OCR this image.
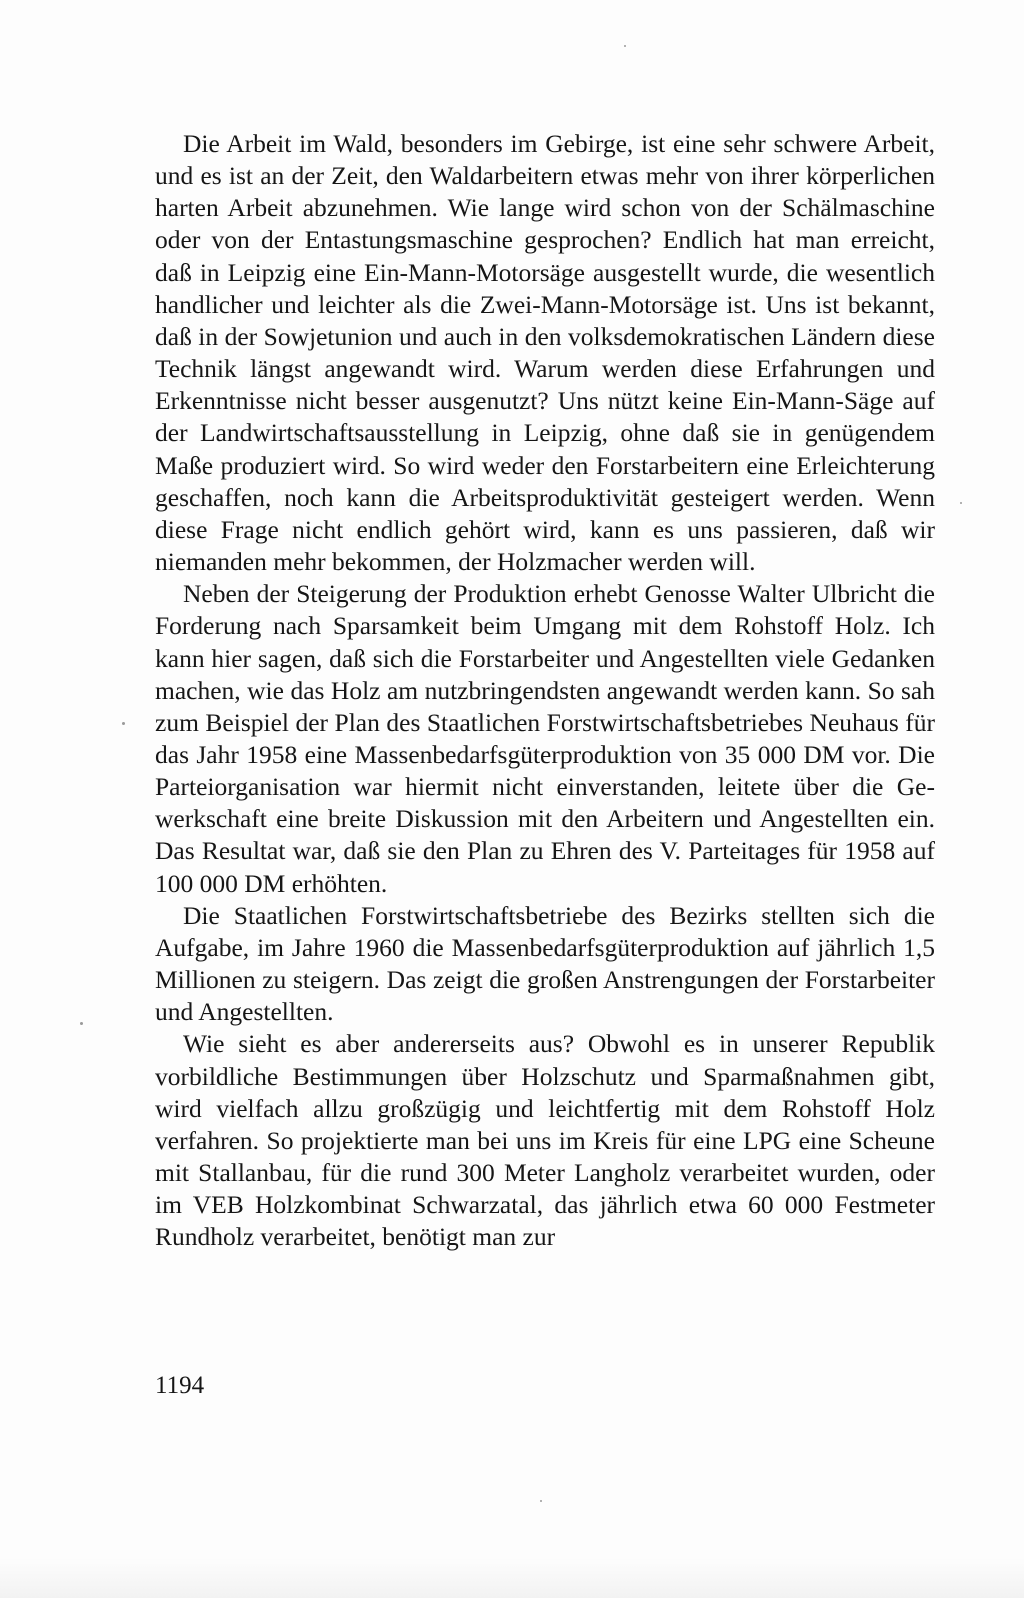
Die Arbeit im Wald, besonders im Gebirge, ist eine sehr schwere Arbeit, und es ist an der Zeit, den Waldarbeitern etwas mehr von ihrer körperlichen harten Arbeit abzunehmen. Wie lange wird schon von der Schälmaschine oder von der Entastungsmaschine gesprochen? Endlich hat man erreicht, daß in Leipzig eine Ein-Mann-Motorsäge ausgestellt wurde, die wesentlich handlicher und leichter als die Zwei-Mann-Motorsäge ist. Uns ist bekannt, daß in der Sowjetunion und auch in den volksdemokratischen Ländern diese Technik längst angewandt wird. Warum werden diese Erfahrungen und Erkenntnisse nicht besser ausgenutzt? Uns nützt keine Ein-Mann-Säge auf der Landwirtschaftsausstellung in Leipzig, ohne daß sie in genügendem Maße produziert wird. So wird weder den Forstarbeitern eine Erleichterung geschaffen, noch kann die Arbeitsproduktivität gesteigert werden. Wenn diese Frage nicht endlich gehört wird, kann es uns passieren, daß wir niemanden mehr bekommen, der Holzmacher werden will.

Neben der Steigerung der Produktion erhebt Genosse Walter Ulbricht die Forderung nach Sparsamkeit beim Umgang mit dem Rohstoff Holz. Ich kann hier sagen, daß sich die Forstarbeiter und Angestellten viele Gedanken machen, wie das Holz am nutzbringendsten angewandt werden kann. So sah zum Beispiel der Plan des Staatlichen Forstwirtschaftsbetriebes Neuhaus für das Jahr 1958 eine Massenbedarfsgüterproduktion von 35 000 DM vor. Die Parteiorganisation war hiermit nicht einverstanden, leitete über die Gewerkschaft eine breite Diskussion mit den Arbeitern und Angestellten ein. Das Resultat war, daß sie den Plan zu Ehren des V. Parteitages für 1958 auf 100 000 DM erhöhten.

Die Staatlichen Forstwirtschaftsbetriebe des Bezirks stellten sich die Aufgabe, im Jahre 1960 die Massenbedarfsgüterproduktion auf jährlich 1,5 Millionen zu steigern. Das zeigt die großen Anstrengungen der Forstarbeiter und Angestellten.

Wie sieht es aber andererseits aus? Obwohl es in unserer Republik vorbildliche Bestimmungen über Holzschutz und Sparmaßnahmen gibt, wird vielfach allzu großzügig und leichtfertig mit dem Rohstoff Holz verfahren. So projektierte man bei uns im Kreis für eine LPG eine Scheune mit Stallanbau, für die rund 300 Meter Langholz verarbeitet wurden, oder im VEB Holzkombinat Schwarzatal, das jährlich etwa 60 000 Festmeter Rundholz verarbeitet, benötigt man zur

1194
